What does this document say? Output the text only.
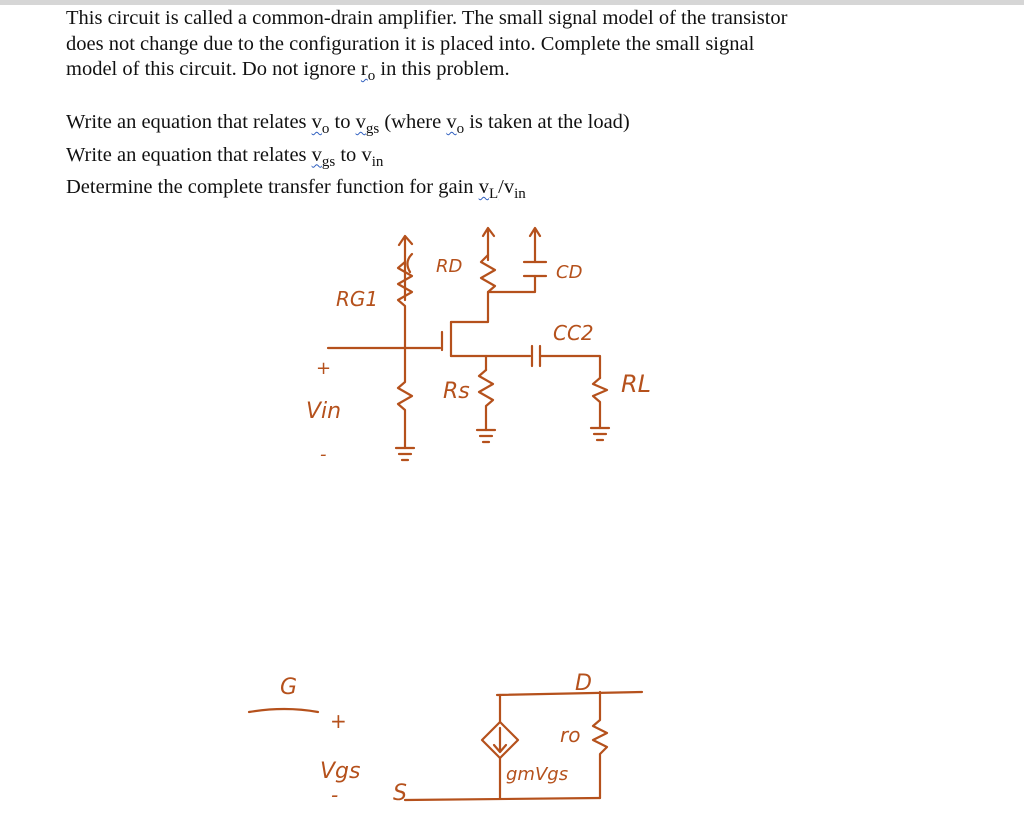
This circuit is called a common-drain amplifier. The small signal model of the transistor
does not change due to the configuration it is placed into. Complete the small signal
model of this circuit. Do not ignore $r_o$ in this problem.
Write an equation that relates $v_o$ to $v_{gs}$ (where $v_o$ is taken at the load)
Write an equation that relates $v_{gs}$ to $v_{in}$
Determine the complete transfer function for gain $v_L/v_{in}$
RD	CD
RG1
CC2
RL
Rs
+
Vin
-
G	D
+
Vgs
- S
ro
gmVgs
